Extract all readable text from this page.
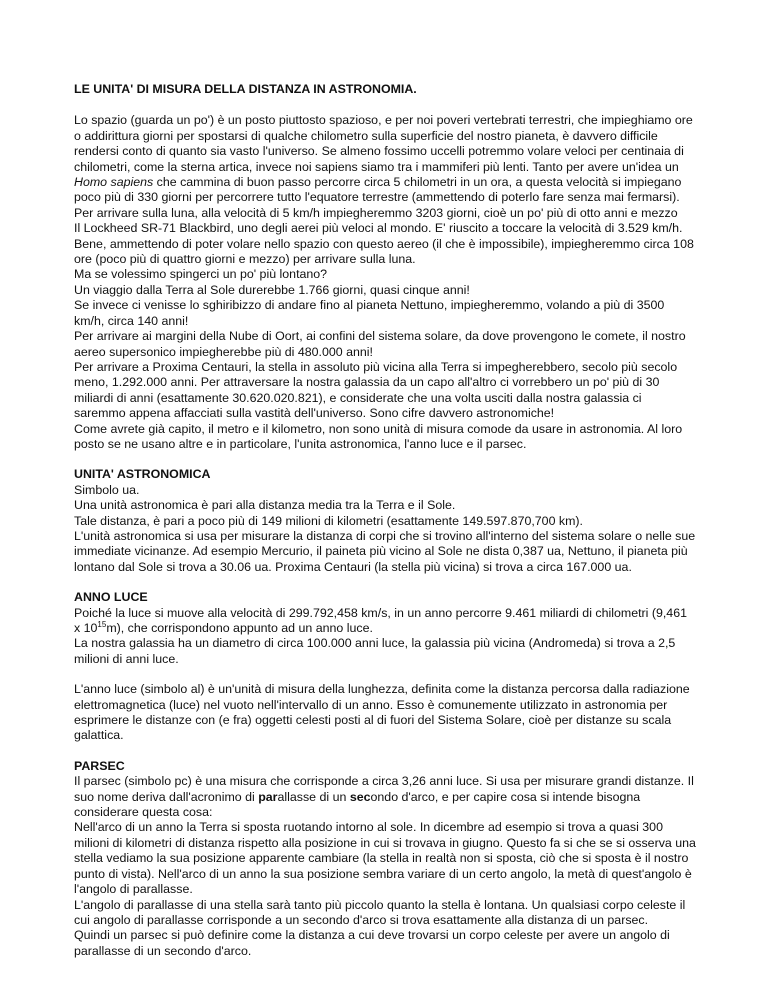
LE UNITA' DI MISURA DELLA DISTANZA IN ASTRONOMIA.

Lo spazio (guarda un po') è un posto piuttosto spazioso, e per noi poveri vertebrati terrestri, che impieghiamo ore o addirittura giorni per spostarsi di qualche chilometro sulla superficie del nostro pianeta, è davvero difficile rendersi conto di quanto sia vasto l'universo. Se almeno fossimo uccelli potremmo volare veloci per centinaia di chilometri, come la sterna artica, invece noi sapiens siamo tra i mammiferi più lenti. Tanto per avere un'idea un Homo sapiens che cammina di buon passo percorre circa 5 chilometri in un ora, a questa velocità si impiegano poco più di 330 giorni per percorrere tutto l'equatore terrestre (ammettendo di poterlo fare senza mai fermarsi). Per arrivare sulla luna, alla velocità di 5 km/h impiegheremmo 3203 giorni, cioè un po' più di otto anni e mezzo

Il Lockheed SR-71 Blackbird, uno degli aerei più veloci al mondo. E' riuscito a toccare la velocità di 3.529 km/h.

Bene, ammettendo di poter volare nello spazio con questo aereo (il che è impossibile), impiegheremmo circa 108 ore (poco più di quattro giorni e mezzo) per arrivare sulla luna.

Ma se volessimo spingerci un po' più lontano?

Un viaggio dalla Terra al Sole durerebbe 1.766 giorni, quasi cinque anni!

Se invece ci venisse lo sghiribizzo di andare fino al pianeta Nettuno, impiegheremmo, volando a più di 3500 km/h, circa 140 anni!

Per arrivare ai margini della Nube di Oort, ai confini del sistema solare, da dove provengono le comete, il nostro aereo supersonico impiegherebbe più di 480.000 anni!

Per arrivare a Proxima Centauri, la stella in assoluto più vicina alla Terra si impegherebbero, secolo più secolo meno, 1.292.000 anni. Per attraversare la nostra galassia da un capo all'altro ci vorrebbero un po' più di 30 miliardi di anni (esattamente 30.620.020.821), e considerate che una volta usciti dalla nostra galassia ci saremmo appena affacciati sulla vastità dell'universo. Sono cifre davvero astronomiche!

Come avrete già capito, il metro e il kilometro, non sono unità di misura comode da usare in astronomia. Al loro posto se ne usano altre e in particolare, l'unita astronomica, l'anno luce e il parsec.

UNITA' ASTRONOMICA

Simbolo ua.

Una unità astronomica è pari alla distanza media tra la Terra e il Sole.

Tale distanza, è pari a poco più di 149 milioni di kilometri (esattamente 149.597.870,700 km).

L'unità astronomica si usa per misurare la distanza di corpi che si trovino all'interno del sistema solare o nelle sue immediate vicinanze. Ad esempio Mercurio, il paineta più vicino al Sole ne dista 0,387 ua, Nettuno, il pianeta più lontano dal Sole si trova a 30.06 ua. Proxima Centauri (la stella più vicina) si trova a circa 167.000 ua.

ANNO LUCE

Poiché la luce si muove alla velocità di 299.792,458 km/s, in un anno percorre 9.461 miliardi di chilometri (9,461 x $10^{15}m$), che corrispondono appunto ad un anno luce.

La nostra galassia ha un diametro di circa 100.000 anni luce, la galassia più vicina (Andromeda) si trova a 2,5 milioni di anni luce.

L'anno luce (simbolo al) è un'unità di misura della lunghezza, definita come la distanza percorsa dalla radiazione elettromagnetica (luce) nel vuoto nell'intervallo di un anno. Esso è comunemente utilizzato in astronomia per esprimere le distanze con (e fra) oggetti celesti posti al di fuori del Sistema Solare, cioè per distanze su scala galattica.

PARSEC

Il parsec (simbolo pc) è una misura che corrisponde a circa 3,26 anni luce. Si usa per misurare grandi distanze. Il suo nome deriva dall'acronimo di parallasse di un secondo d'arco, e per capire cosa si intende bisogna considerare questa cosa:

Nell'arco di un anno la Terra si sposta ruotando intorno al sole. In dicembre ad esempio si trova a quasi 300 milioni di kilometri di distanza rispetto alla posizione in cui si trovava in giugno. Questo fa si che se si osserva una stella vediamo la sua posizione apparente cambiare (la stella in realtà non si sposta, ciò che si sposta è il nostro punto di vista). Nell'arco di un anno la sua posizione sembra variare di un certo angolo, la metà di quest'angolo è l'angolo di parallasse.

L'angolo di parallasse di una stella sarà tanto più piccolo quanto la stella è lontana. Un qualsiasi corpo celeste il cui angolo di parallasse corrisponde a un secondo d'arco si trova esattamente alla distanza di un parsec.

Quindi un parsec si può definire come la distanza a cui deve trovarsi un corpo celeste per avere un angolo di parallasse di un secondo d'arco.
